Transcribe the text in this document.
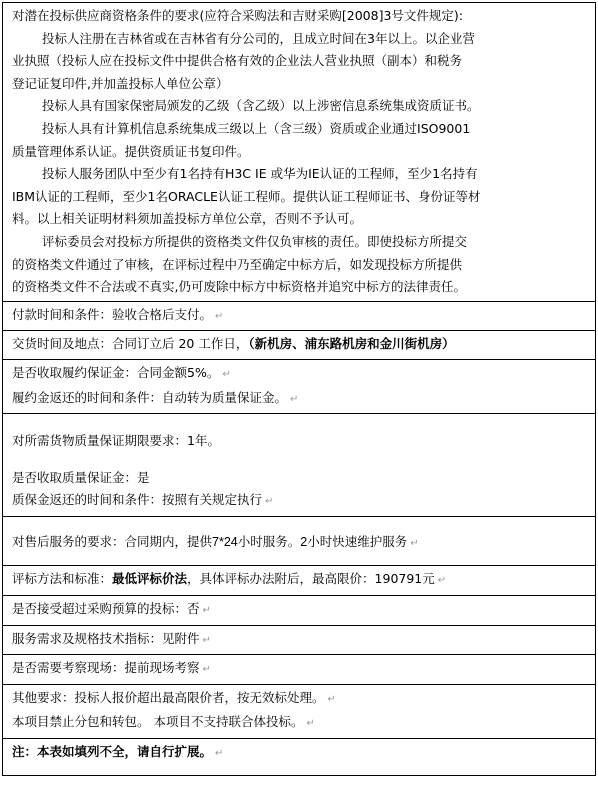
对潜在投标供应商资格条件的要求(应符合采购法和吉财采购[2008]3号文件规定):
投标人注册在吉林省或在吉林省有分公司的，且成立时间在3年以上。以企业营
业执照（投标人应在投标文件中提供合格有效的企业法人营业执照（副本）和税务
登记证复印件,并加盖投标人单位公章）
投标人具有国家保密局颁发的乙级（含乙级）以上涉密信息系统集成资质证书。
投标人具有计算机信息系统集成三级以上（含三级）资质或企业通过ISO9001
质量管理体系认证。提供资质证书复印件。
投标人服务团队中至少有1名持有H3C IE 或华为IE认证的工程师，至少1名持有
IBM认证的工程师，至少1名ORACLE认证工程师。提供认证工程师证书、身份证等材
料。以上相关证明材料须加盖投标方单位公章，否则不予认可。
评标委员会对投标方所提供的资格类文件仅负审核的责任。即使投标方所提交
的资格类文件通过了审核，在评标过程中乃至确定中标方后，如发现投标方所提供
的资格类文件不合法或不真实,仍可废除中标方中标资格并追究中标方的法律责任。

付款时间和条件：验收合格后支付。 ↵

交货时间及地点：合同订立后 20 工作日，（新机房、浦东路机房和金川街机房）

是否收取履约保证金：合同金额5%。 ↵
履约金返还的时间和条件：自动转为质量保证金。 ↵

对所需货物质量保证期限要求：1年。
是否收取质量保证金：是
质保金返还的时间和条件：按照有关规定执行 ↵

对售后服务的要求：合同期内，提供7*24小时服务。2小时快速维护服务 ↵

评标方法和标准：最低评标价法，具体评标办法附后，最高限价：190791元 ↵

是否接受超过采购预算的投标：否 ↵
服务需求及规格技术指标：见附件 ↵
是否需要考察现场：提前现场考察 ↵

其他要求：投标人报价超出最高限价者，按无效标处理。 ↵
本项目禁止分包和转包。 本项目不支持联合体投标。 ↵

注：本表如填列不全，请自行扩展。 ↵
